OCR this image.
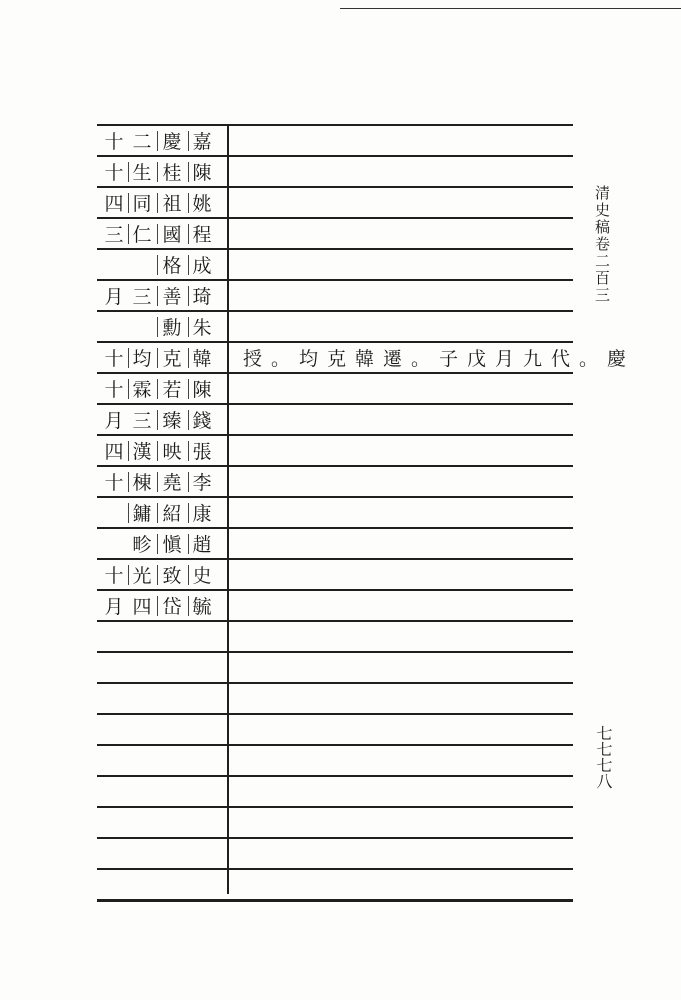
十 二 慶 嘉
十 生 桂 陳
四 同 祖 姚
三 仁 國 程
格 成
月 三 善 琦
勳 朱
十 均 克 韓 授。均克韓遷。子戊月九代。慶
十 霖 若 陳
月 三 臻 錢
四 漢 映 張
十 棟 堯 李
鏞 紹 康
畛 愼 趙
十 光 致 史
月 四 岱 毓
清史稿卷二百三
七七七八
